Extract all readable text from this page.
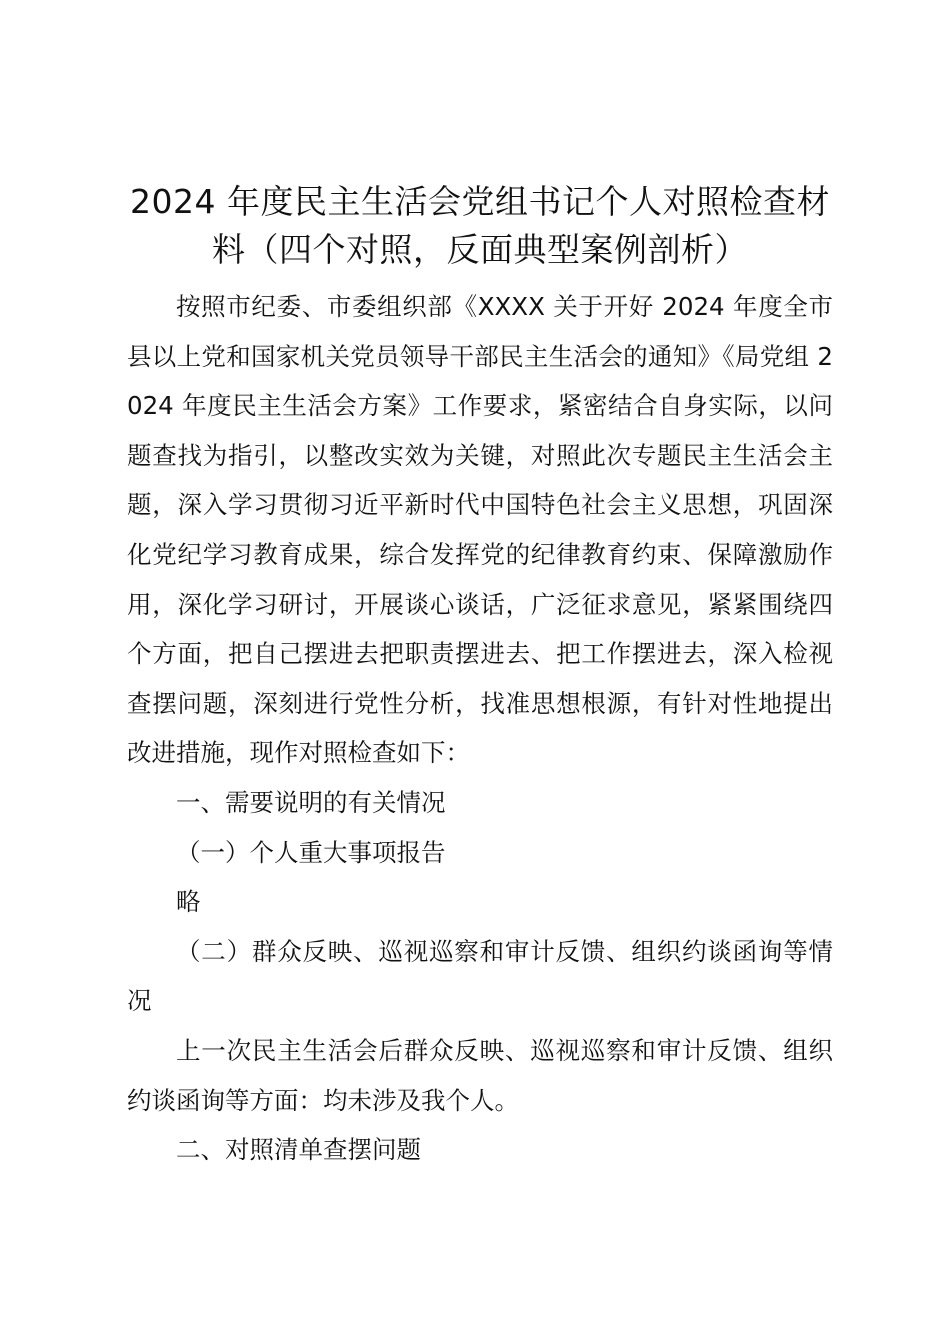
2024 年度民主生活会党组书记个人对照检查材料（四个对照，反面典型案例剖析）

按照市纪委、市委组织部《XXXX 关于开好 2024 年度全市县以上党和国家机关党员领导干部民主生活会的通知》《局党组 2024 年度民主生活会方案》工作要求，紧密结合自身实际，以问题查找为指引，以整改实效为关键，对照此次专题民主生活会主题，深入学习贯彻习近平新时代中国特色社会主义思想，巩固深化党纪学习教育成果，综合发挥党的纪律教育约束、保障激励作用，深化学习研讨，开展谈心谈话，广泛征求意见，紧紧围绕四个方面，把自己摆进去把职责摆进去、把工作摆进去，深入检视查摆问题，深刻进行党性分析，找准思想根源，有针对性地提出改进措施，现作对照检查如下：

一、需要说明的有关情况

（一）个人重大事项报告

略

（二）群众反映、巡视巡察和审计反馈、组织约谈函询等情况

上一次民主生活会后群众反映、巡视巡察和审计反馈、组织约谈函询等方面：均未涉及我个人。

二、对照清单查摆问题
